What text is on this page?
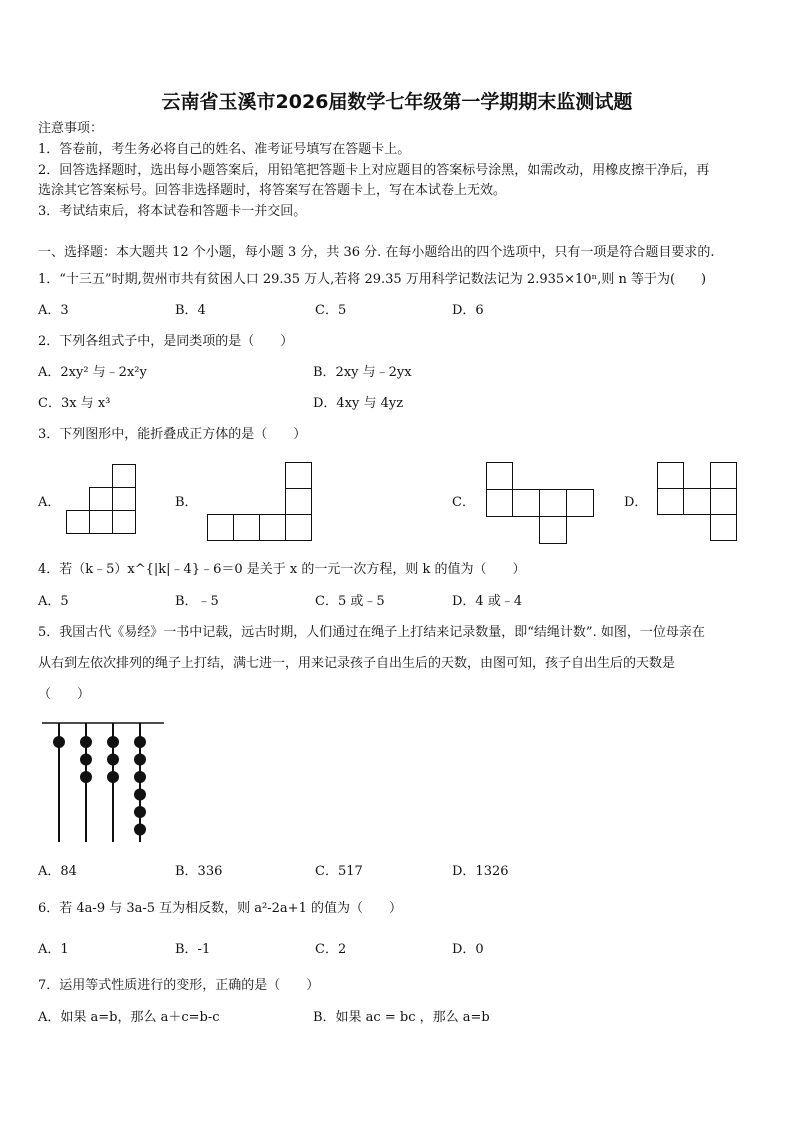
云南省玉溪市2026届数学七年级第一学期期末监测试题
注意事项：
1．答卷前，考生务必将自己的姓名、准考证号填写在答题卡上。
2．回答选择题时，选出每小题答案后，用铅笔把答题卡上对应题目的答案标号涂黑，如需改动，用橡皮擦干净后，再
选涂其它答案标号。回答非选择题时，将答案写在答题卡上，写在本试卷上无效。
3．考试结束后，将本试卷和答题卡一并交回。
一、选择题：本大题共 12 个小题，每小题 3 分，共 36 分. 在每小题给出的四个选项中，只有一项是符合题目要求的.
1．“十三五”时期,贺州市共有贫困人口 29.35 万人,若将 29.35 万用科学记数法记为 2.935×10ⁿ,则 n 等于为(　　)
A．3	B．4	C．5	D．6
2．下列各组式子中，是同类项的是（　　）
A．2xy² 与﹣2x²y	B．2xy 与﹣2yx
C．3x 与 x³	D．4xy 与 4yz
3．下列图形中，能折叠成正方体的是（　　）
A．	B．	C．	D．
4．若（k﹣5）x^{|k|﹣4}﹣6＝0 是关于 x 的一元一次方程，则 k 的值为（　　）
A．5	B．﹣5	C．5 或﹣5	D．4 或﹣4
5．我国古代《易经》一书中记载，远古时期，人们通过在绳子上打结来记录数量，即“结绳计数”. 如图，一位母亲在
从右到左依次排列的绳子上打结，满七进一，用来记录孩子自出生后的天数，由图可知，孩子自出生后的天数是
（　　）
A．84	B．336	C．517	D．1326
6．若 4a-9 与 3a-5 互为相反数，则 a²-2a+1 的值为（　　）
A．1	B．-1	C．2	D．0
7．运用等式性质进行的变形，正确的是（　　）
A．如果 a=b，那么 a＋c=b-c	B．如果 ac = bc ，那么 a=b
